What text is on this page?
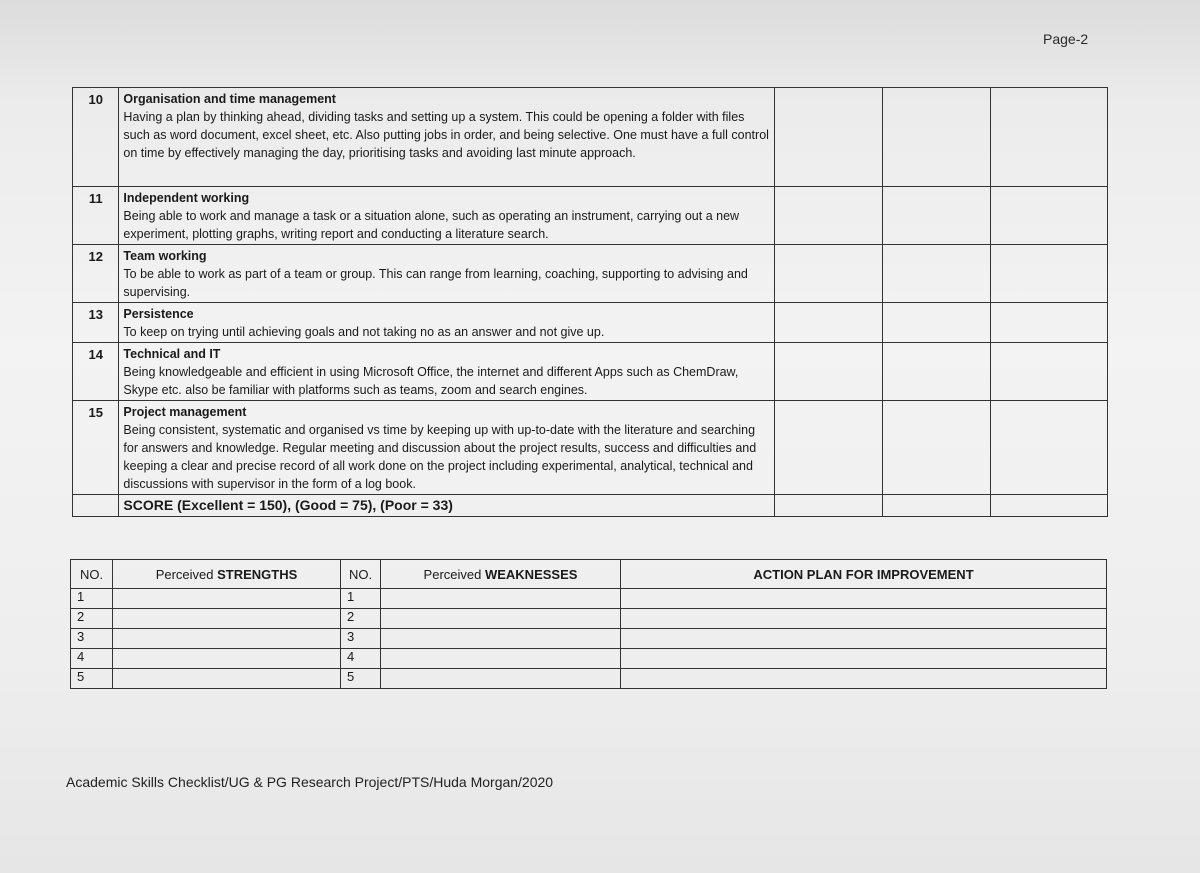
Page-2
10	Organisation and time management
Having a plan by thinking ahead, dividing tasks and setting up a system. This could be opening a folder with files such as word document, excel sheet, etc. Also putting jobs in order, and being selective. One must have a full control on time by effectively managing the day, prioritising tasks and avoiding last minute approach.			

11	Independent working
Being able to work and manage a task or a situation alone, such as operating an instrument, carrying out a new experiment, plotting graphs, writing report and conducting a literature search.			

12	Team working
To be able to work as part of a team or group. This can range from learning, coaching, supporting to advising and supervising.			

13	Persistence
To keep on trying until achieving goals and not taking no as an answer and not give up.			

14	Technical and IT
Being knowledgeable and efficient in using Microsoft Office, the internet and different Apps such as ChemDraw, Skype etc. also be familiar with platforms such as teams, zoom and search engines.			

15	Project management
Being consistent, systematic and organised vs time by keeping up with up-to-date with the literature and searching for answers and knowledge. Regular meeting and discussion about the project results, success and difficulties and keeping a clear and precise record of all work done on the project including experimental, analytical, technical and discussions with supervisor in the form of a log book.			

	SCORE (Excellent = 150), (Good = 75), (Poor = 33)			
NO.	Perceived STRENGTHS	NO.	Perceived WEAKNESSES	ACTION PLAN FOR IMPROVEMENT
1		1		
2		2		
3		3		
4		4		
5		5		
Academic Skills Checklist/UG & PG Research Project/PTS/Huda Morgan/2020
